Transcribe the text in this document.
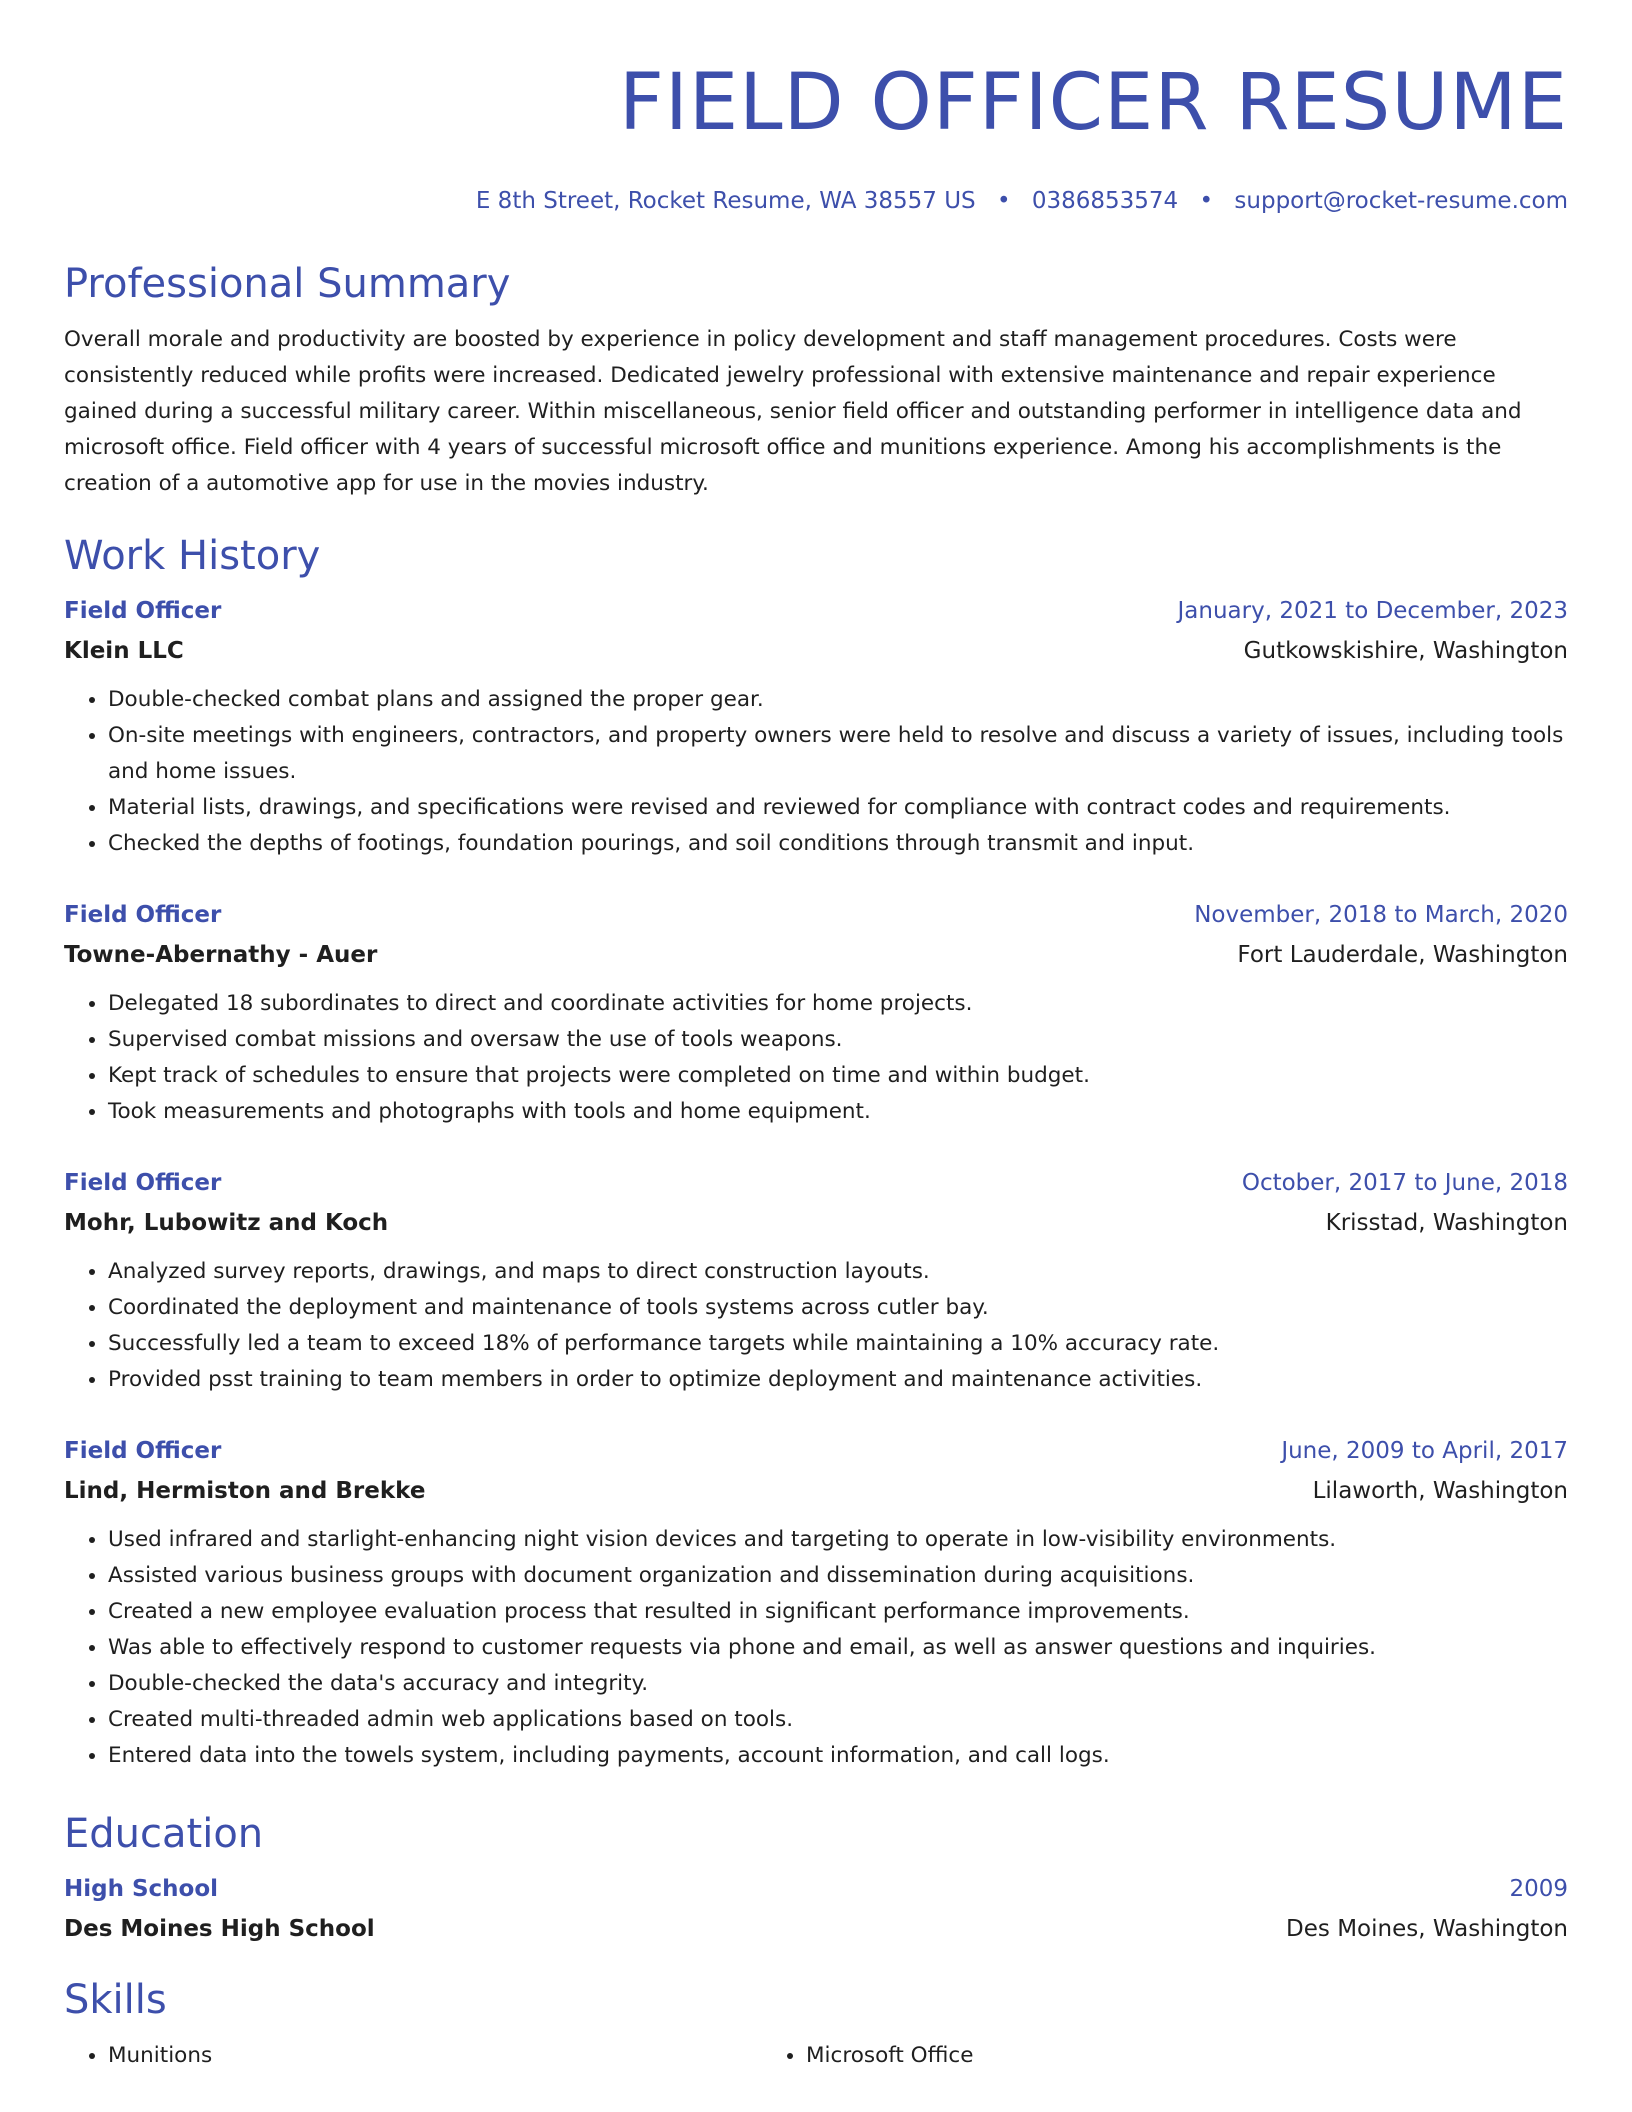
FIELD OFFICER RESUME
E 8th Street, Rocket Resume, WA 38557 US • 0386853574 • support@rocket-resume.com
Professional Summary
Overall morale and productivity are boosted by experience in policy development and staff management procedures. Costs were consistently reduced while profits were increased. Dedicated jewelry professional with extensive maintenance and repair experience gained during a successful military career. Within miscellaneous, senior field officer and outstanding performer in intelligence data and microsoft office. Field officer with 4 years of successful microsoft office and munitions experience. Among his accomplishments is the creation of a automotive app for use in the movies industry.
Work History
Field Officer	January, 2021 to December, 2023
Klein LLC	Gutkowskishire, Washington
• Double-checked combat plans and assigned the proper gear.
• On-site meetings with engineers, contractors, and property owners were held to resolve and discuss a variety of issues, including tools and home issues.
• Material lists, drawings, and specifications were revised and reviewed for compliance with contract codes and requirements.
• Checked the depths of footings, foundation pourings, and soil conditions through transmit and input.
Field Officer	November, 2018 to March, 2020
Towne-Abernathy - Auer	Fort Lauderdale, Washington
• Delegated 18 subordinates to direct and coordinate activities for home projects.
• Supervised combat missions and oversaw the use of tools weapons.
• Kept track of schedules to ensure that projects were completed on time and within budget.
• Took measurements and photographs with tools and home equipment.
Field Officer	October, 2017 to June, 2018
Mohr, Lubowitz and Koch	Krisstad, Washington
• Analyzed survey reports, drawings, and maps to direct construction layouts.
• Coordinated the deployment and maintenance of tools systems across cutler bay.
• Successfully led a team to exceed 18% of performance targets while maintaining a 10% accuracy rate.
• Provided psst training to team members in order to optimize deployment and maintenance activities.
Field Officer	June, 2009 to April, 2017
Lind, Hermiston and Brekke	Lilaworth, Washington
• Used infrared and starlight-enhancing night vision devices and targeting to operate in low-visibility environments.
• Assisted various business groups with document organization and dissemination during acquisitions.
• Created a new employee evaluation process that resulted in significant performance improvements.
• Was able to effectively respond to customer requests via phone and email, as well as answer questions and inquiries.
• Double-checked the data's accuracy and integrity.
• Created multi-threaded admin web applications based on tools.
• Entered data into the towels system, including payments, account information, and call logs.
Education
High School	2009
Des Moines High School	Des Moines, Washington
Skills
• Munitions
•	Microsoft Office
